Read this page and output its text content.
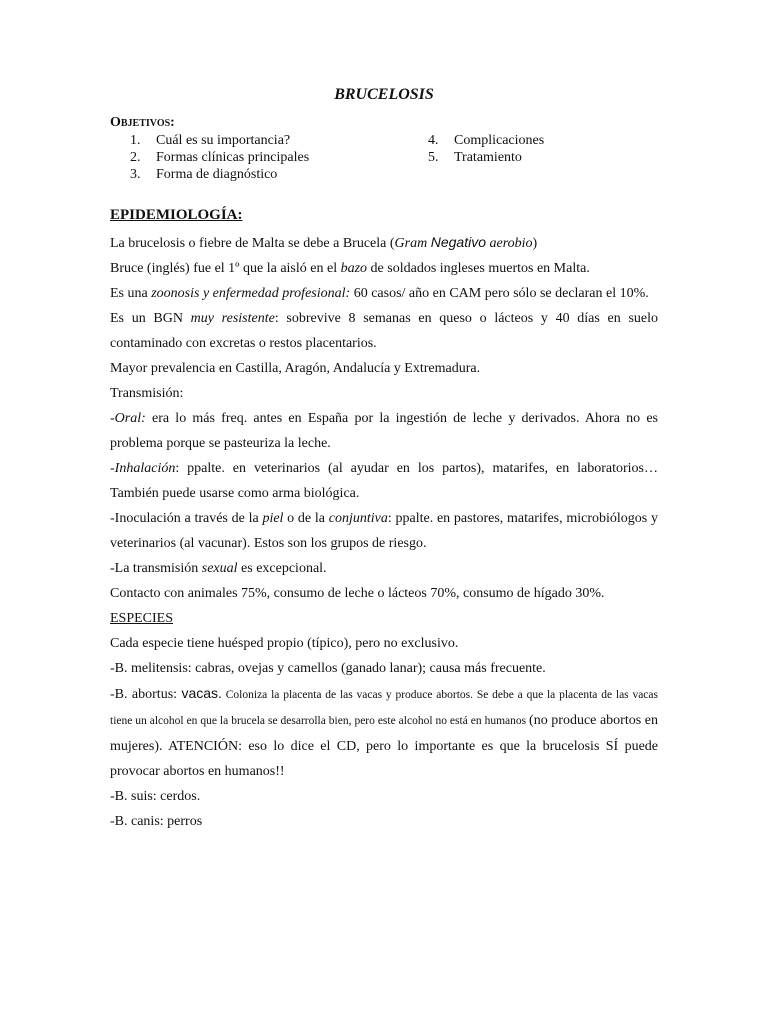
BRUCELOSIS
Objetivos:
1.	Cuál es su importancia?
2.	Formas clínicas principales
3.	Forma de diagnóstico
4.	Complicaciones
5.	Tratamiento
EPIDEMIOLOGÍA:

La brucelosis o fiebre de Malta se debe a Brucela (Gram Negativo aerobio)

Bruce (inglés) fue el 1º que la aisló en el bazo de soldados ingleses muertos en Malta.

Es una zoonosis y enfermedad profesional: 60 casos/ año en CAM pero sólo se declaran el 10%.

Es un BGN muy resistente: sobrevive 8 semanas en queso o lácteos y 40 días en suelo contaminado con excretas o restos placentarios.

Mayor prevalencia en Castilla, Aragón, Andalucía y Extremadura.

Transmisión:

-Oral: era lo más freq. antes en España por la ingestión de leche y derivados. Ahora no es problema porque se pasteuriza la leche.

-Inhalación: ppalte. en veterinarios (al ayudar en los partos), matarifes, en laboratorios… También puede usarse como arma biológica.

-Inoculación a través de la piel o de la conjuntiva: ppalte. en pastores, matarifes, microbiólogos y veterinarios (al vacunar). Estos son los grupos de riesgo.

-La transmisión sexual es excepcional.

Contacto con animales 75%, consumo de leche o lácteos 70%, consumo de hígado 30%.

ESPECIES

Cada especie tiene huésped propio (típico), pero no exclusivo.

-B. melitensis: cabras, ovejas y camellos (ganado lanar); causa más frecuente.

-B. abortus: vacas. Coloniza la placenta de las vacas y produce abortos. Se debe a que la placenta de las vacas tiene un alcohol en que la brucela se desarrolla bien, pero este alcohol no está en humanos (no produce abortos en mujeres). ATENCIÓN: eso lo dice el CD, pero lo importante es que la brucelosis SÍ puede provocar abortos en humanos!!

-B. suis: cerdos.

-B. canis: perros
